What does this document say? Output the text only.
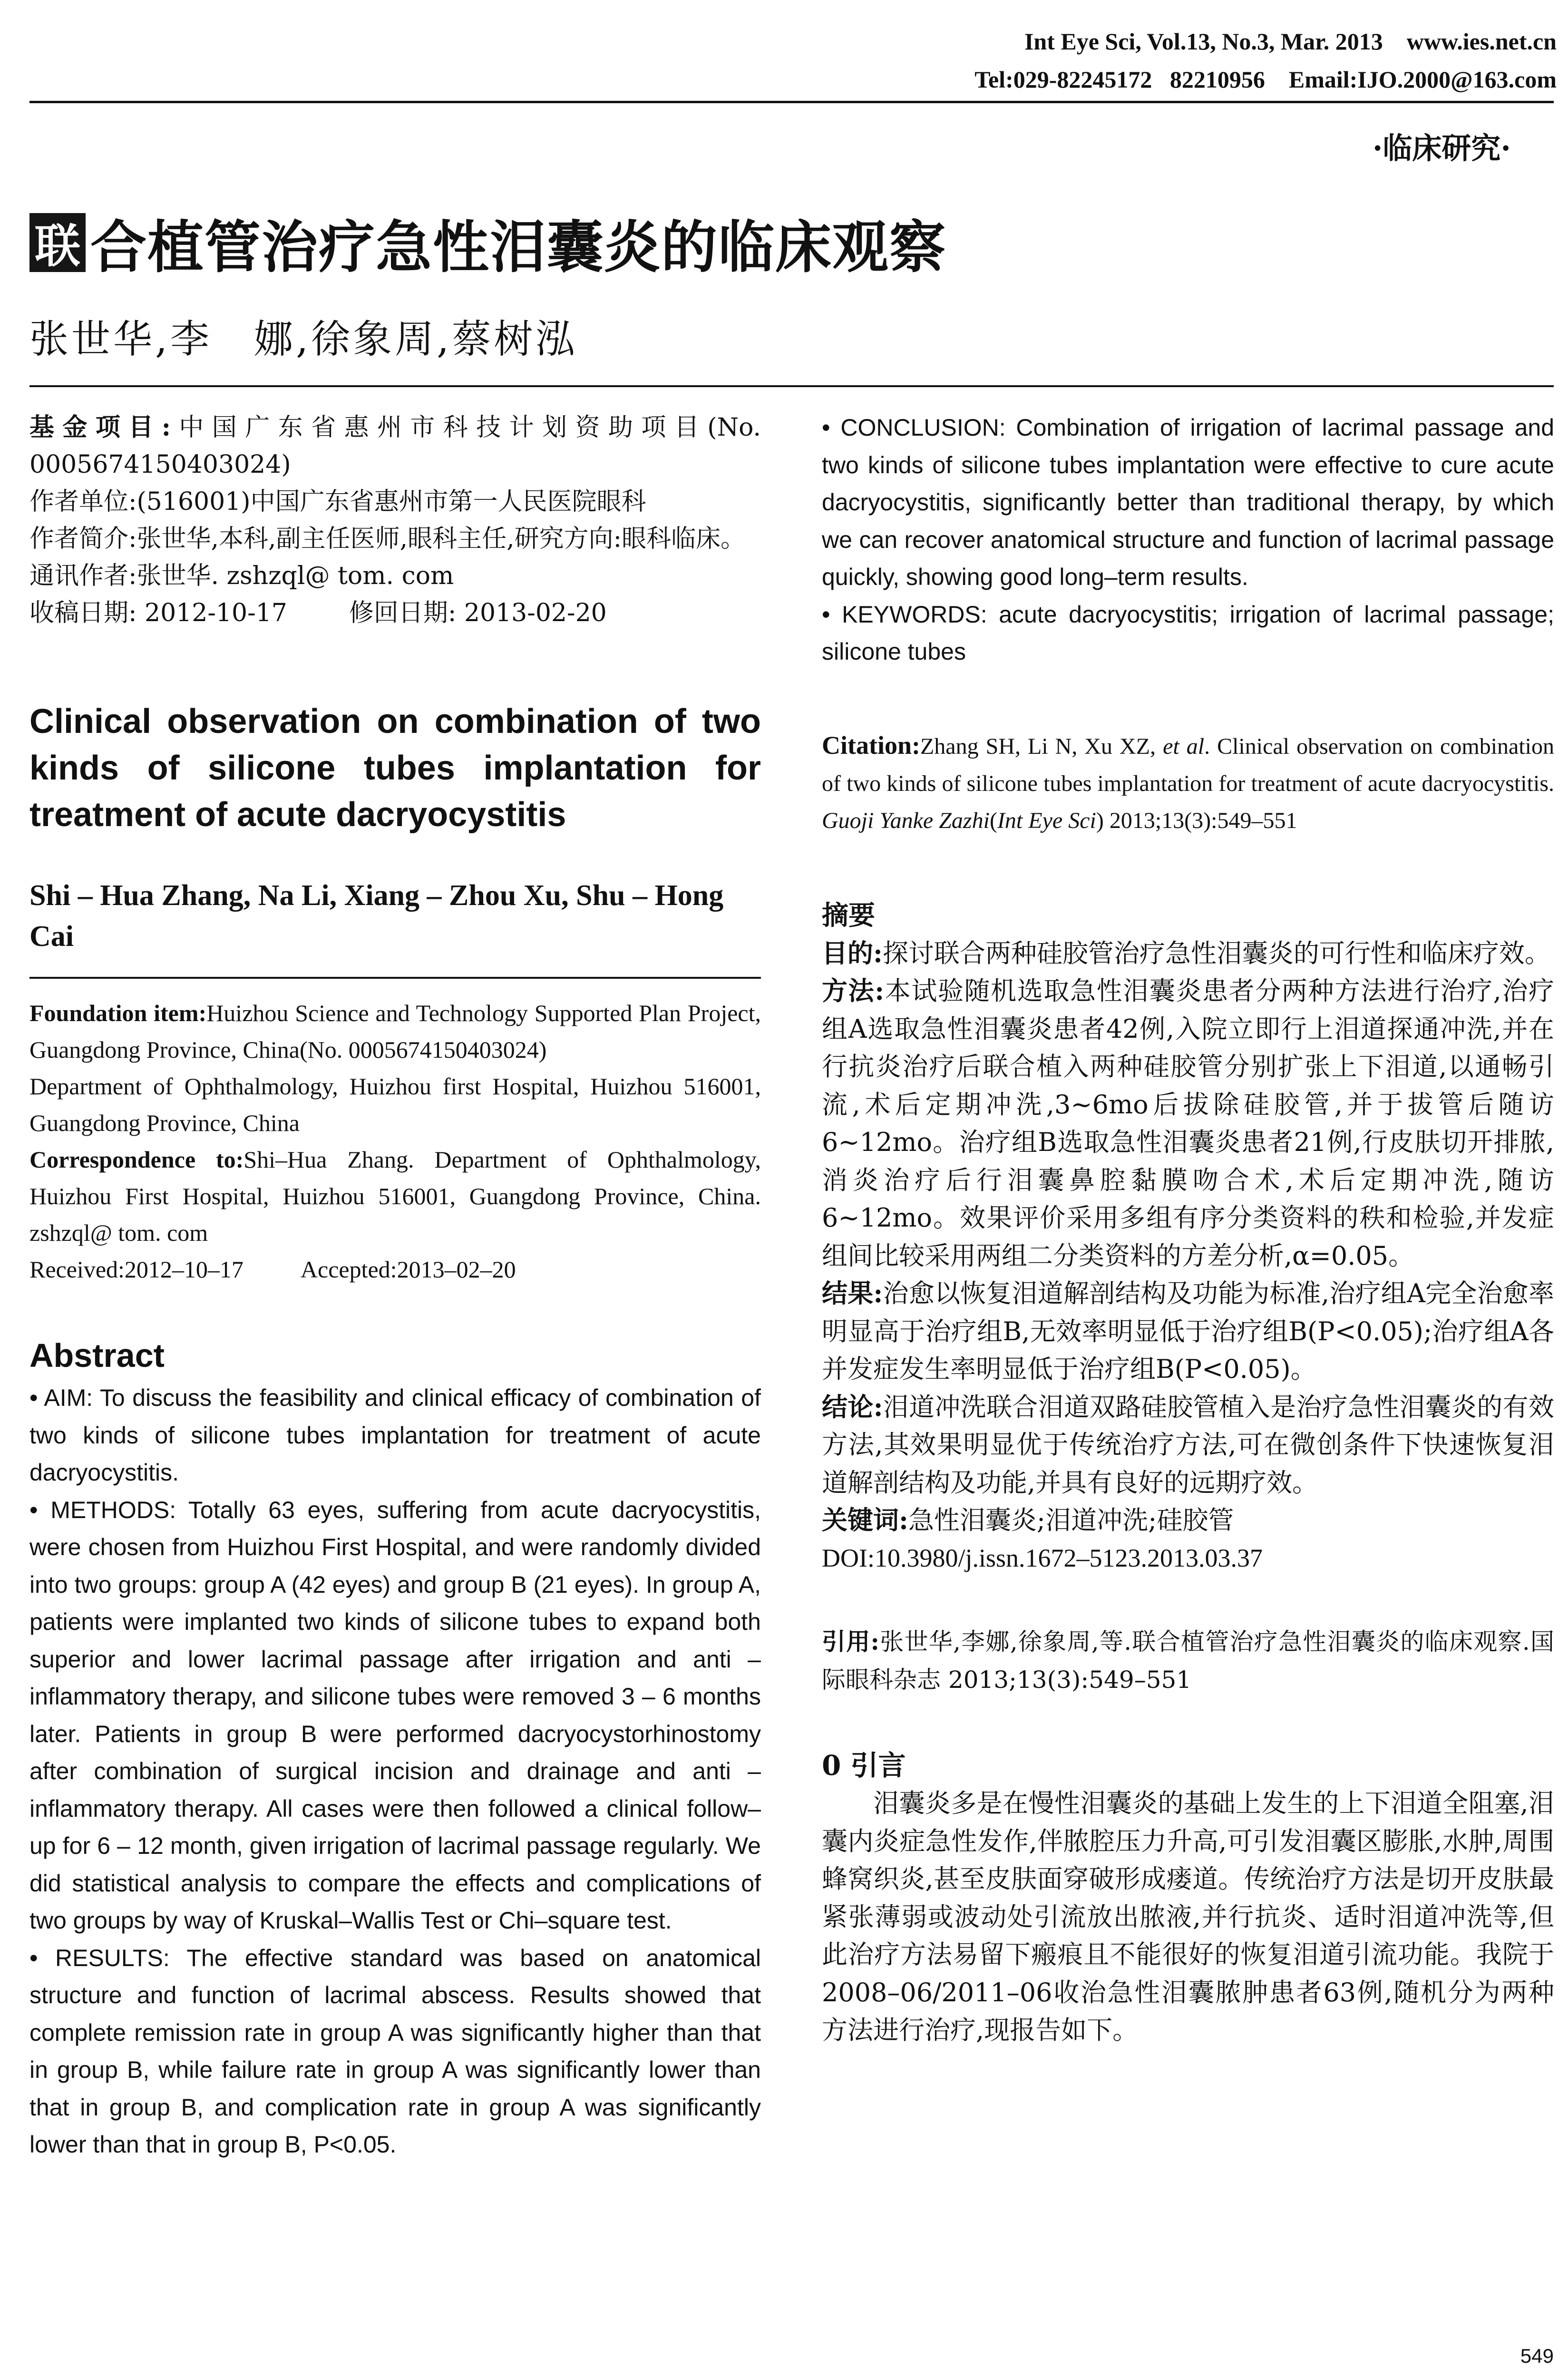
Int Eye Sci, Vol.13, No.3, Mar. 2013    www.ies.net.cn
Tel:029-82245172   82210956    Email:IJO.2000@163.com
·临床研究·
联 合植管治疗急性泪囊炎的临床观察
张世华,李　娜,徐象周,蔡树泓

基金项目:中国广东省惠州市科技计划资助项目(No. 0005674150403024)

作者单位:(516001)中国广东省惠州市第一人民医院眼科

作者简介:张世华,本科,副主任医师,眼科主任,研究方向:眼科临床。

通讯作者:张世华. zshzql@ tom. com

收稿日期: 2012-10-17	修回日期: 2013-02-20

Clinical observation on combination of two kinds of silicone tubes implantation for treatment of acute dacryocystitis
Shi – Hua Zhang, Na Li, Xiang – Zhou Xu, Shu – Hong Cai

Foundation item:Huizhou Science and Technology Supported Plan Project, Guangdong Province, China(No. 0005674150403024)

Department of Ophthalmology, Huizhou first Hospital, Huizhou 516001, Guangdong Province, China

Correspondence to:Shi–Hua Zhang. Department of Ophthalmology, Huizhou First Hospital, Huizhou 516001, Guangdong Province, China. zshzql@ tom. com

Received:2012–10–17 Accepted:2013–02–20

Abstract

• AIM: To discuss the feasibility and clinical efficacy of combination of two kinds of silicone tubes implantation for treatment of acute dacryocystitis.

• METHODS: Totally 63 eyes, suffering from acute dacryocystitis, were chosen from Huizhou First Hospital, and were randomly divided into two groups: group A (42 eyes) and group B (21 eyes). In group A, patients were implanted two kinds of silicone tubes to expand both superior and lower lacrimal passage after irrigation and anti – inflammatory therapy, and silicone tubes were removed 3 – 6 months later. Patients in group B were performed dacryocystorhinostomy after combination of surgical incision and drainage and anti – inflammatory therapy. All cases were then followed a clinical follow–up for 6 – 12 month, given irrigation of lacrimal passage regularly. We did statistical analysis to compare the effects and complications of two groups by way of Kruskal–Wallis Test or Chi–square test.

• RESULTS: The effective standard was based on anatomical structure and function of lacrimal abscess. Results showed that complete remission rate in group A was significantly higher than that in group B, while failure rate in group A was significantly lower than that in group B, and complication rate in group A was significantly lower than that in group B, P<0.05.

• CONCLUSION: Combination of irrigation of lacrimal passage and two kinds of silicone tubes implantation were effective to cure acute dacryocystitis, significantly better than traditional therapy, by which we can recover anatomical structure and function of lacrimal passage quickly, showing good long–term results.

• KEYWORDS: acute dacryocystitis; irrigation of lacrimal passage; silicone tubes

Citation:Zhang SH, Li N, Xu XZ, et al. Clinical observation on combination of two kinds of silicone tubes implantation for treatment of acute dacryocystitis. Guoji Yanke Zazhi(Int Eye Sci) 2013;13(3):549–551

摘要

目的:探讨联合两种硅胶管治疗急性泪囊炎的可行性和临床疗效。

方法:本试验随机选取急性泪囊炎患者分两种方法进行治疗,治疗组A选取急性泪囊炎患者42例,入院立即行上泪道探通冲洗,并在行抗炎治疗后联合植入两种硅胶管分别扩张上下泪道,以通畅引流,术后定期冲洗,3~6mo后拔除硅胶管,并于拔管后随访6~12mo。治疗组B选取急性泪囊炎患者21例,行皮肤切开排脓,消炎治疗后行泪囊鼻腔黏膜吻合术,术后定期冲洗,随访6~12mo。效果评价采用多组有序分类资料的秩和检验,并发症组间比较采用两组二分类资料的方差分析,α=0.05。

结果:治愈以恢复泪道解剖结构及功能为标准,治疗组A完全治愈率明显高于治疗组B,无效率明显低于治疗组B(P<0.05);治疗组A各并发症发生率明显低于治疗组B(P<0.05)。

结论:泪道冲洗联合泪道双路硅胶管植入是治疗急性泪囊炎的有效方法,其效果明显优于传统治疗方法,可在微创条件下快速恢复泪道解剖结构及功能,并具有良好的远期疗效。

关键词:急性泪囊炎;泪道冲洗;硅胶管

DOI:10.3980/j.issn.1672–5123.2013.03.37

引用:张世华,李娜,徐象周,等.联合植管治疗急性泪囊炎的临床观察.国际眼科杂志 2013;13(3):549–551

0 引言

泪囊炎多是在慢性泪囊炎的基础上发生的上下泪道全阻塞,泪囊内炎症急性发作,伴脓腔压力升高,可引发泪囊区膨胀,水肿,周围蜂窝织炎,甚至皮肤面穿破形成瘘道。传统治疗方法是切开皮肤最紧张薄弱或波动处引流放出脓液,并行抗炎、适时泪道冲洗等,但此治疗方法易留下瘢痕且不能很好的恢复泪道引流功能。我院于2008–06/2011–06收治急性泪囊脓肿患者63例,随机分为两种方法进行治疗,现报告如下。

549
